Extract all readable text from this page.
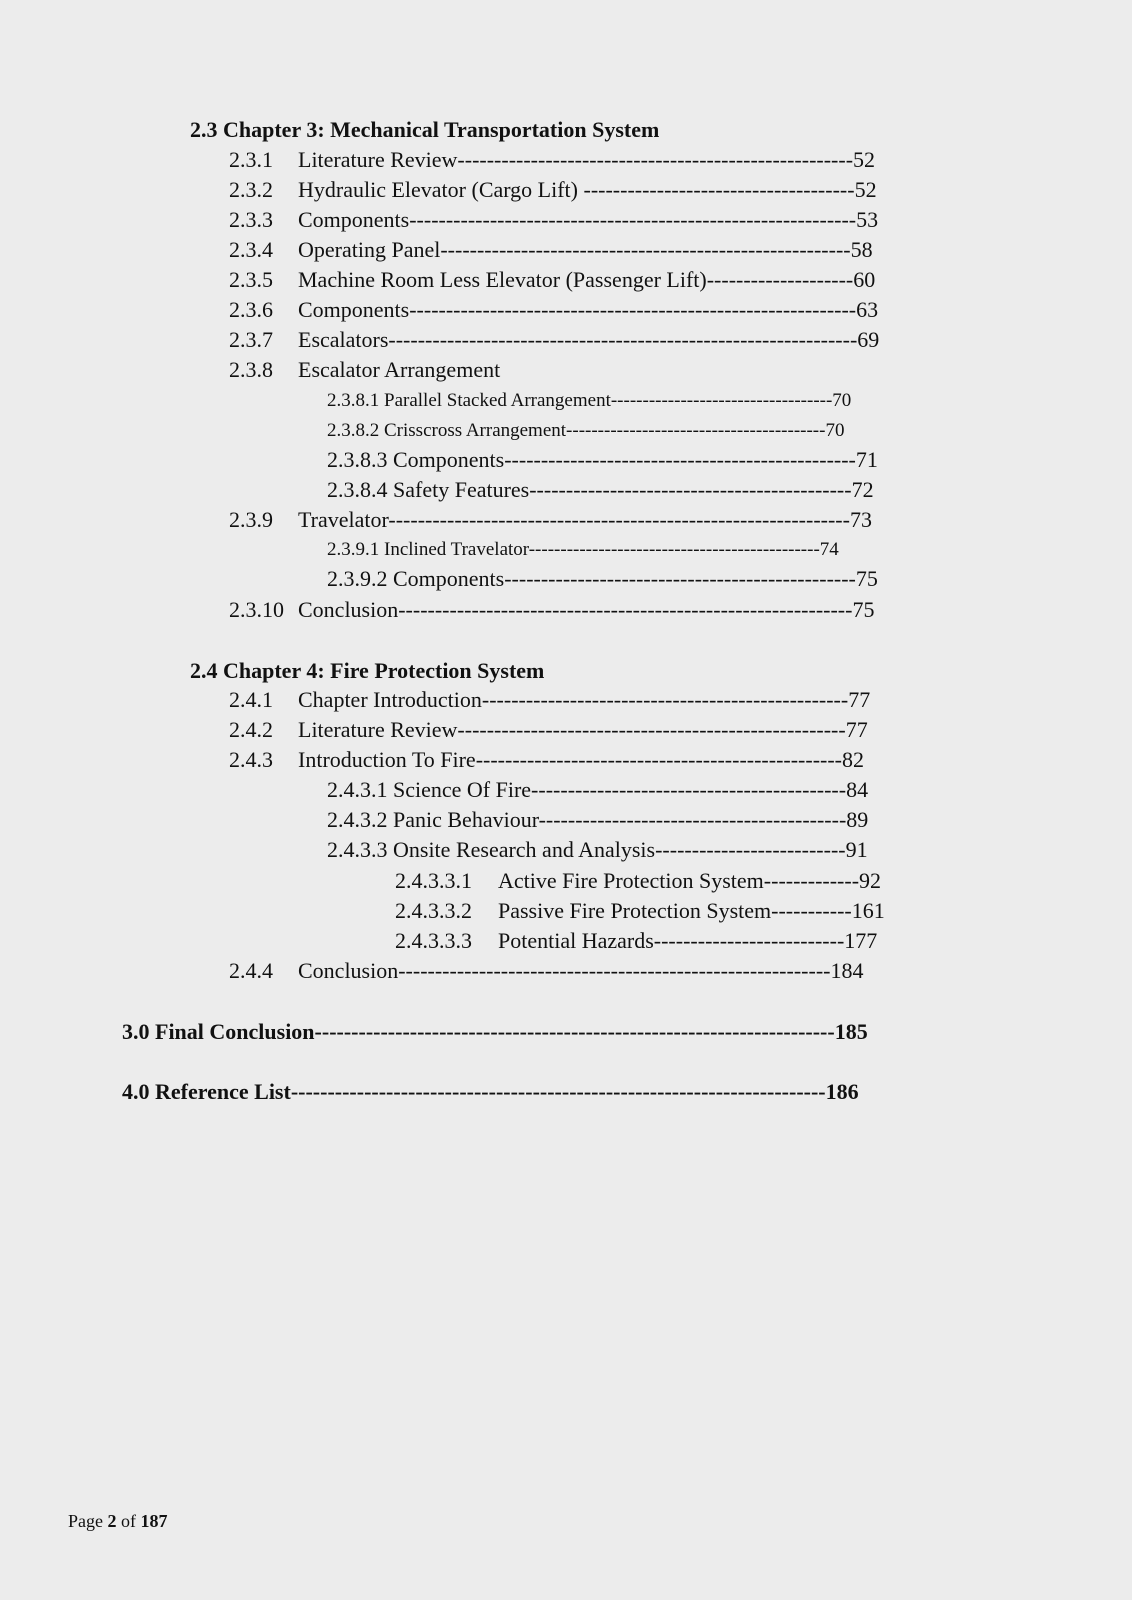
2.3 Chapter 3: Mechanical Transportation System
2.3.1 Literature Review------------------------------------------------------52
2.3.2 Hydraulic Elevator (Cargo Lift) -------------------------------------52
2.3.3 Components-------------------------------------------------------------53
2.3.4 Operating Panel--------------------------------------------------------58
2.3.5 Machine Room Less Elevator (Passenger Lift)--------------------60
2.3.6 Components-------------------------------------------------------------63
2.3.7 Escalators----------------------------------------------------------------69
2.3.8 Escalator Arrangement
2.3.8.1 Parallel Stacked Arrangement-----------------------------------70
2.3.8.2 Crisscross Arrangement-----------------------------------------70
2.3.8.3 Components------------------------------------------------71
2.3.8.4 Safety Features--------------------------------------------72
2.3.9 Travelator---------------------------------------------------------------73
2.3.9.1 Inclined Travelator----------------------------------------------74
2.3.9.2 Components------------------------------------------------75
2.3.10 Conclusion--------------------------------------------------------------75
2.4 Chapter 4: Fire Protection System
2.4.1 Chapter Introduction--------------------------------------------------77
2.4.2 Literature Review-----------------------------------------------------77
2.4.3 Introduction To Fire--------------------------------------------------82
2.4.3.1 Science Of Fire-------------------------------------------84
2.4.3.2 Panic Behaviour------------------------------------------89
2.4.3.3 Onsite Research and Analysis--------------------------91
2.4.3.3.1 Active Fire Protection System-------------92
2.4.3.3.2 Passive Fire Protection System-----------161
2.4.3.3.3 Potential Hazards--------------------------177
2.4.4 Conclusion-----------------------------------------------------------184
3.0 Final Conclusion-----------------------------------------------------------------------185
4.0 Reference List-------------------------------------------------------------------------186
Page 2 of 187
